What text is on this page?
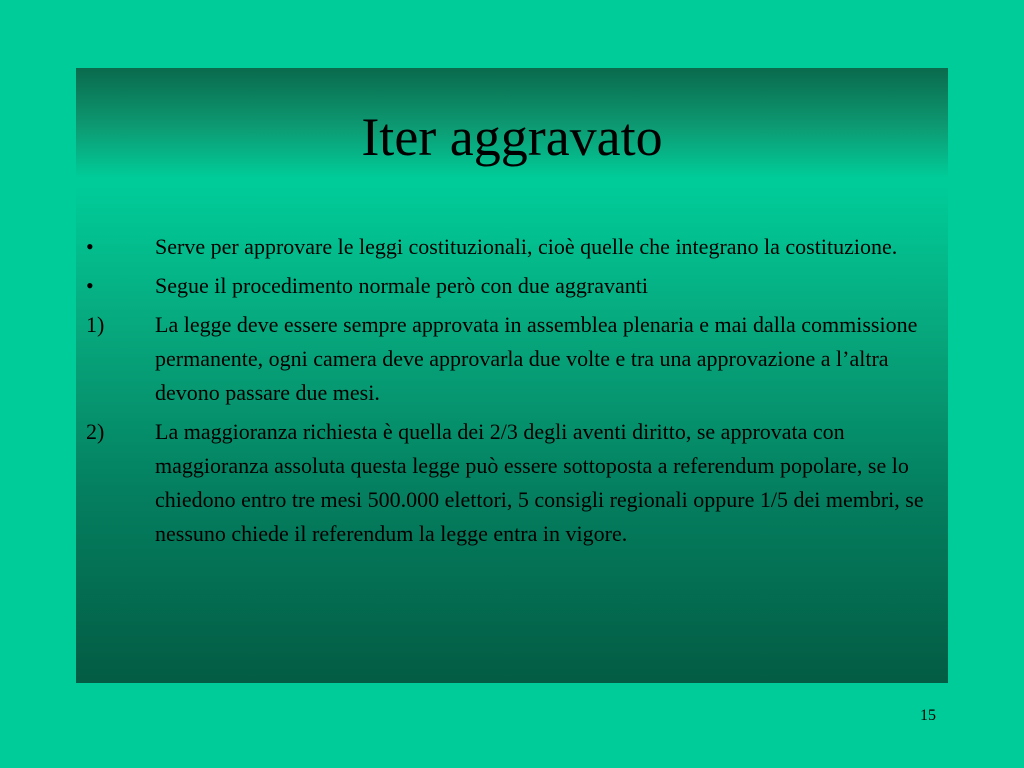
Iter aggravato
•	Serve per approvare le leggi costituzionali, cioè quelle che integrano la costituzione.
•	Segue il procedimento normale però con due aggravanti
1)	La legge deve essere sempre approvata in assemblea plenaria e mai dalla commissione permanente, ogni camera deve approvarla due volte e tra una approvazione a l’altra devono passare due mesi.
2)	La maggioranza richiesta è quella dei 2/3 degli aventi diritto, se approvata con maggioranza assoluta questa legge può essere sottoposta a referendum popolare, se lo chiedono entro tre mesi 500.000 elettori, 5 consigli regionali oppure 1/5 dei membri, se nessuno chiede il referendum la legge entra in vigore.
15
